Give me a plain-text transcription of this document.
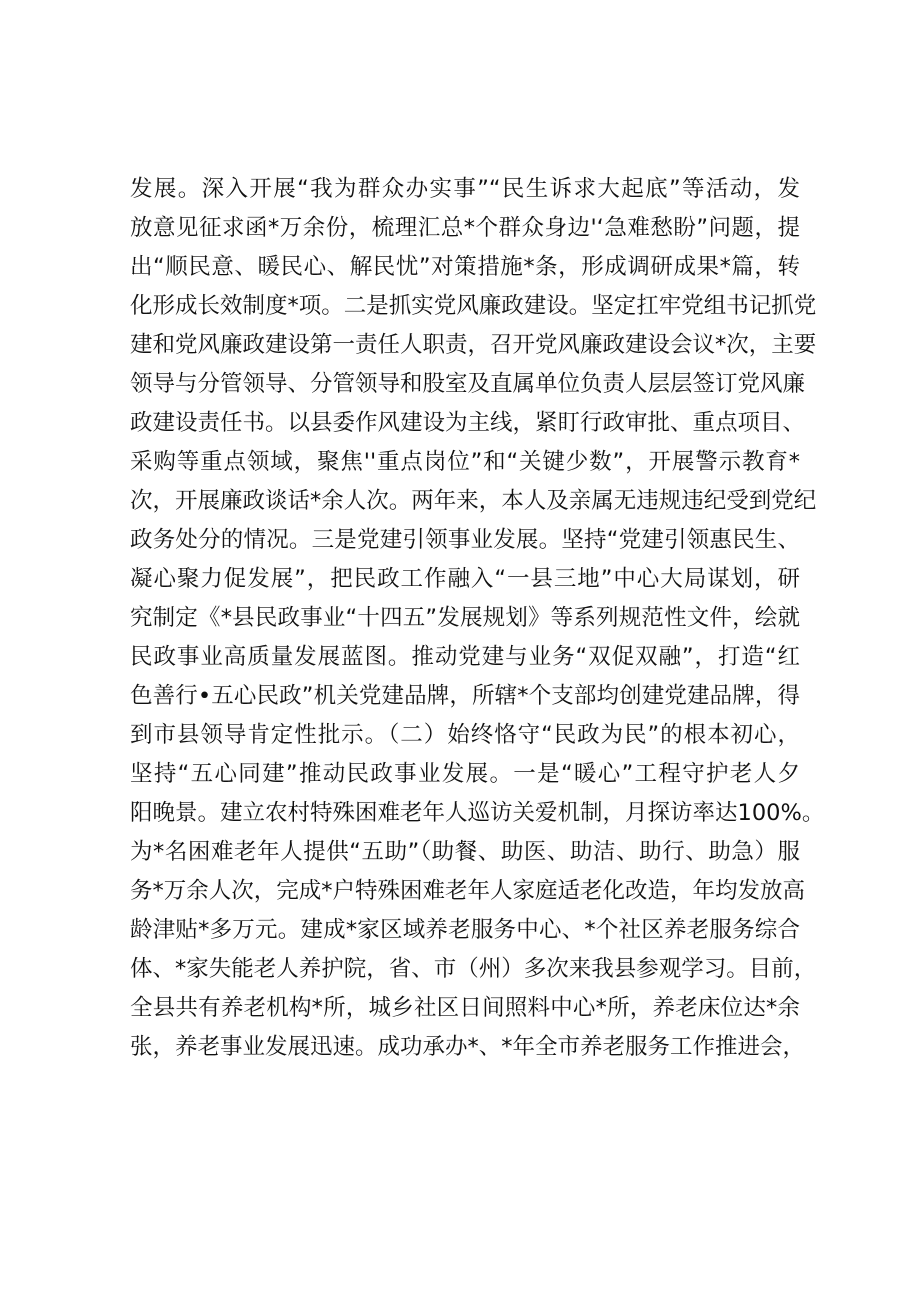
发展。深入开展“我为群众办实事”“民生诉求大起底”等活动，发
放意见征求函*万余份，梳理汇总*个群众身边'‘急难愁盼”问题，提
出“顺民意、暖民心、解民忧”对策措施*条，形成调研成果*篇，转
化形成长效制度*项。二是抓实党风廉政建设。坚定扛牢党组书记抓党
建和党风廉政建设第一责任人职责，召开党风廉政建设会议*次，主要
领导与分管领导、分管领导和股室及直属单位负责人层层签订党风廉
政建设责任书。以县委作风建设为主线，紧盯行政审批、重点项目、
采购等重点领域，聚焦''重点岗位”和“关键少数”，开展警示教育*
次，开展廉政谈话*余人次。两年来，本人及亲属无违规违纪受到党纪
政务处分的情况。三是党建引领事业发展。坚持“党建引领惠民生、
凝心聚力促发展”，把民政工作融入“一县三地”中心大局谋划，研
究制定《*县民政事业“十四五”发展规划》等系列规范性文件，绘就
民政事业高质量发展蓝图。推动党建与业务“双促双融”，打造“红
色善行•五心民政”机关党建品牌，所辖*个支部均创建党建品牌，得
到市县领导肯定性批示。（二）始终恪守“民政为民”的根本初心，
坚持“五心同建”推动民政事业发展。一是“暖心”工程守护老人夕
阳晚景。建立农村特殊困难老年人巡访关爱机制，月探访率达100%。
为*名困难老年人提供“五助”（助餐、助医、助洁、助行、助急）服
务*万余人次，完成*户特殊困难老年人家庭适老化改造，年均发放高
龄津贴*多万元。建成*家区域养老服务中心、*个社区养老服务综合
体、*家失能老人养护院，省、市（州）多次来我县参观学习。目前，
全县共有养老机构*所，城乡社区日间照料中心*所，养老床位达*余
张，养老事业发展迅速。成功承办*、*年全市养老服务工作推进会，
